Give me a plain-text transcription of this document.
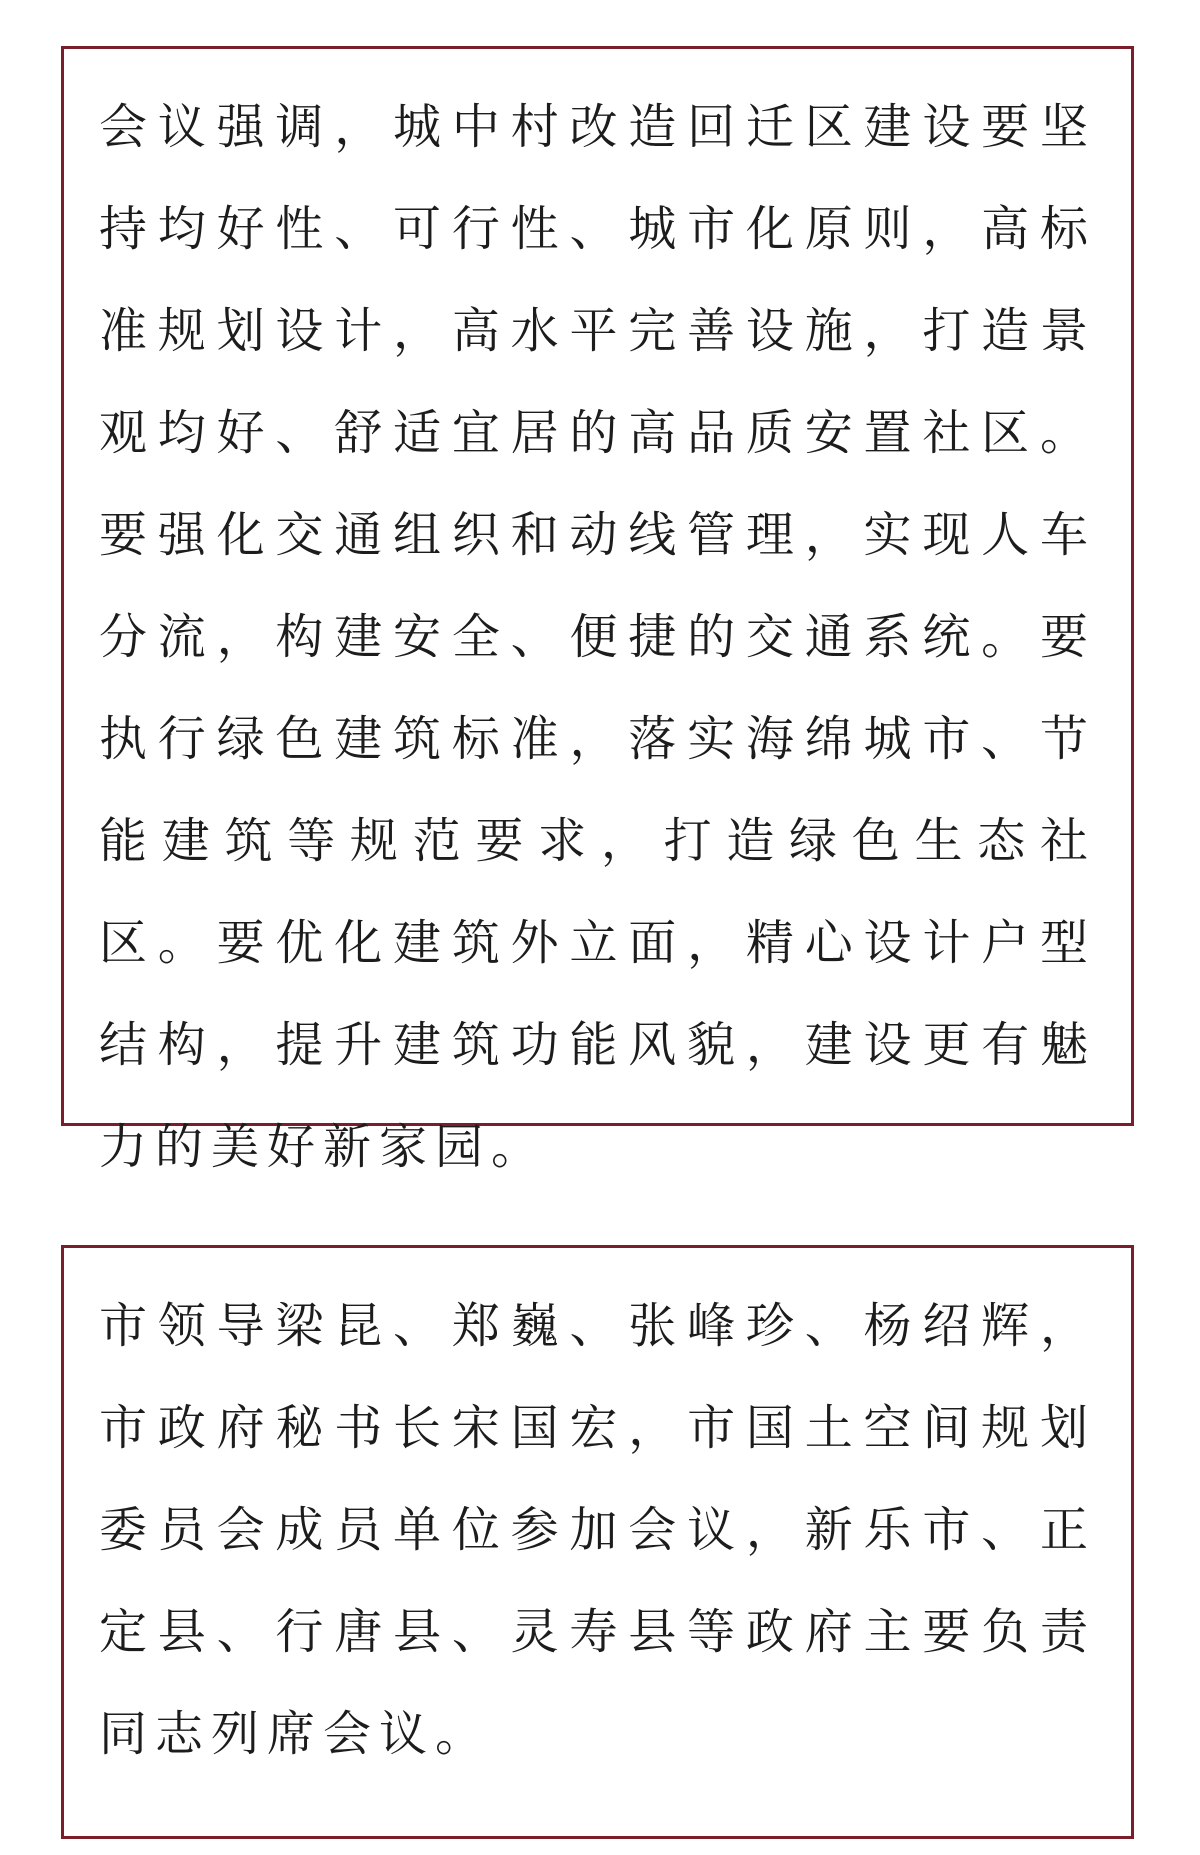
会议强调，城中村改造回迁区建设要坚持均好性、可行性、城市化原则，高标准规划设计，高水平完善设施，打造景观均好、舒适宜居的高品质安置社区。要强化交通组织和动线管理，实现人车分流，构建安全、便捷的交通系统。要执行绿色建筑标准，落实海绵城市、节能建筑等规范要求，打造绿色生态社区。要优化建筑外立面，精心设计户型结构，提升建筑功能风貌，建设更有魅力的美好新家园。

市领导梁昆、郑巍、张峰珍、杨绍辉，市政府秘书长宋国宏，市国土空间规划委员会成员单位参加会议，新乐市、正定县、行唐县、灵寿县等政府主要负责同志列席会议。
